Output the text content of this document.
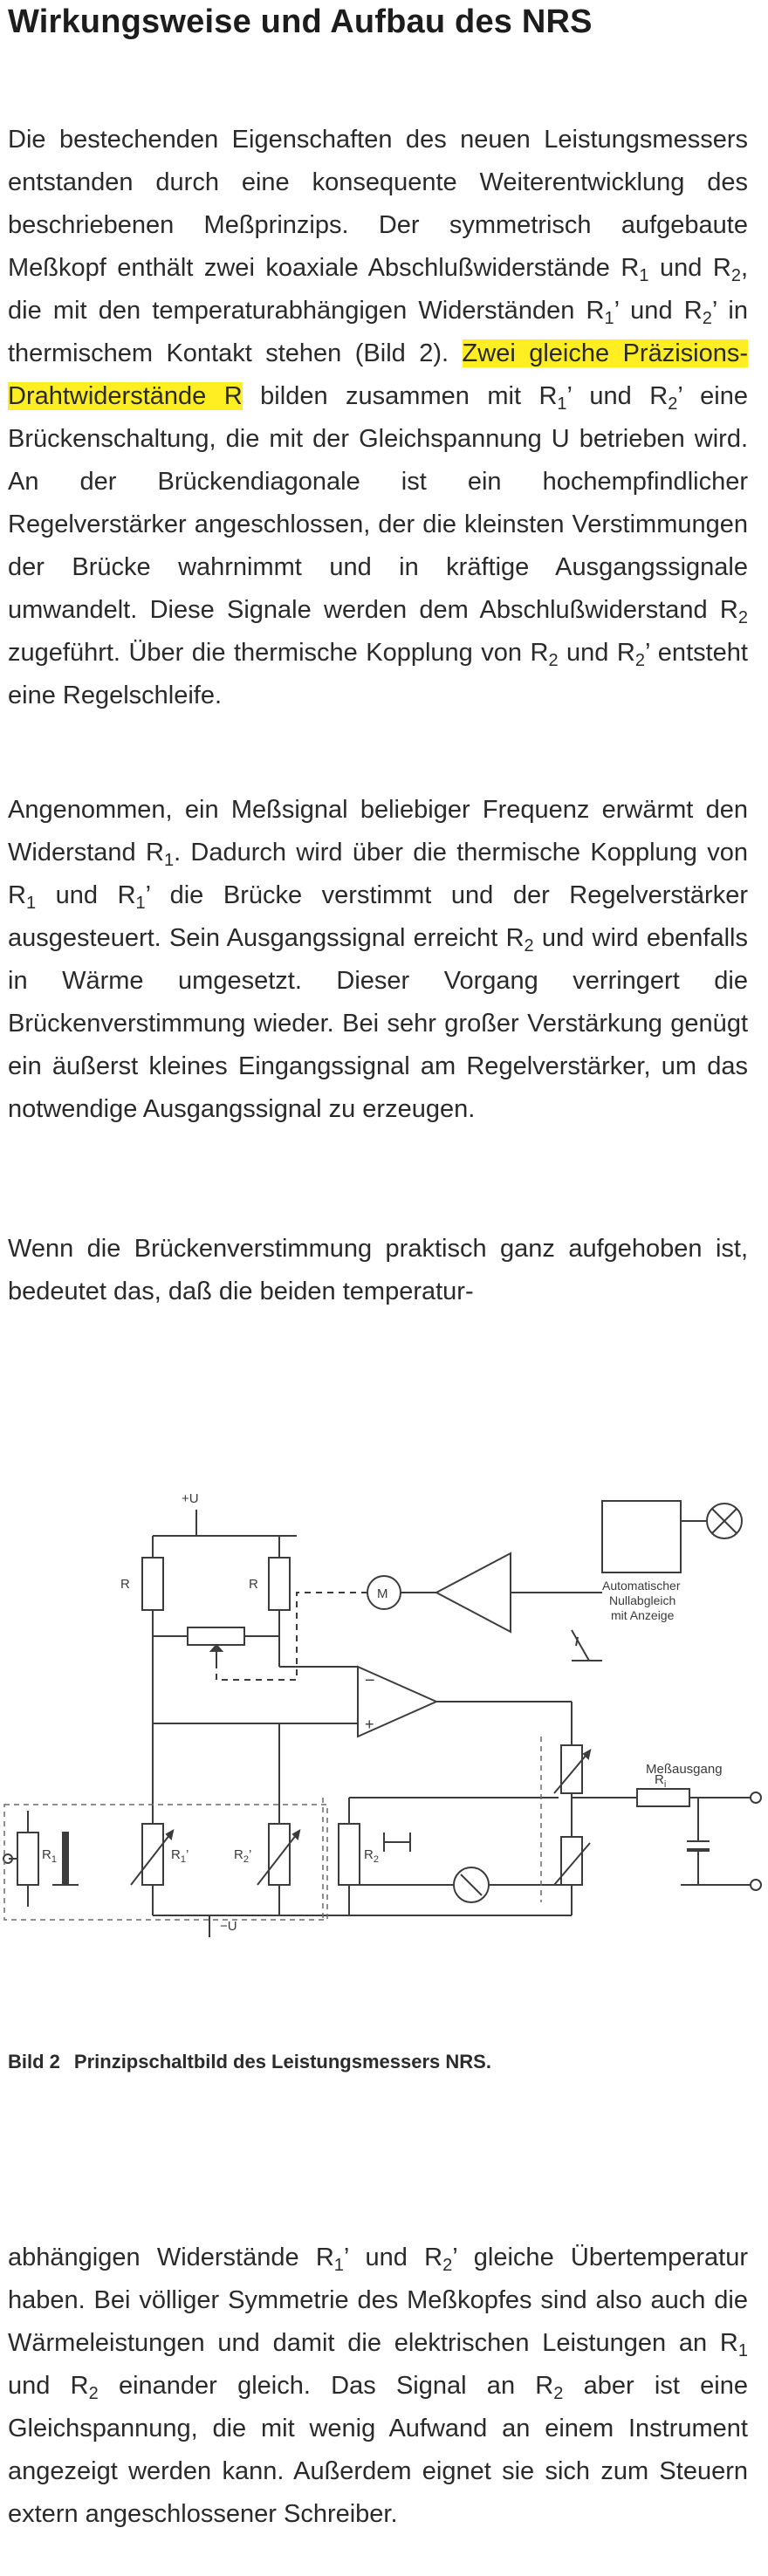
Wirkungsweise und Aufbau des NRS

Die bestechenden Eigenschaften des neuen Leistungsmessers entstanden durch eine konsequente Weiterentwicklung des beschriebenen Meßprinzips. Der symmetrisch aufgebaute Meßkopf enthält zwei koaxiale Abschlußwiderstände $R_1$ und $R_2$, die mit den temperaturabhängigen Widerständen $R_1$’ und $R_2$’ in thermischem Kontakt stehen (Bild 2). Zwei gleiche Präzisions-Drahtwiderstände R bilden zusammen mit $R_1$’ und $R_2$’ eine Brückenschaltung, die mit der Gleichspannung U betrieben wird. An der Brückendiagonale ist ein hochempfindlicher Regelverstärker angeschlossen, der die kleinsten Verstimmungen der Brücke wahrnimmt und in kräftige Ausgangssignale umwandelt. Diese Signale werden dem Abschlußwiderstand $R_2$ zugeführt. Über die thermische Kopplung von $R_2$ und $R_2$’ entsteht eine Regelschleife.

Angenommen, ein Meßsignal beliebiger Frequenz erwärmt den Widerstand $R_1$. Dadurch wird über die thermische Kopplung von $R_1$ und $R_1$’ die Brücke verstimmt und der Regelverstärker ausgesteuert. Sein Ausgangssignal erreicht $R_2$ und wird ebenfalls in Wärme umgesetzt. Dieser Vorgang verringert die Brückenverstimmung wieder. Bei sehr großer Verstärkung genügt ein äußerst kleines Eingangssignal am Regelverstärker, um das notwendige Ausgangssignal zu erzeugen.

Wenn die Brückenverstimmung praktisch ganz aufgehoben ist, bedeutet das, daß die beiden temperatur-

+U
R	R
M
Automatischer
Nullabgleich
mit Anzeige
−
+
$R_i$
Meßausgang
$R_1$	$R_1$’	$R_2$’	$R_2$
−U

Bild 2 Prinzipschaltbild des Leistungsmessers NRS.

abhängigen Widerstände $R_1$’ und $R_2$’ gleiche Übertemperatur haben. Bei völliger Symmetrie des Meßkopfes sind also auch die Wärmeleistungen und damit die elektrischen Leistungen an $R_1$ und $R_2$ einander gleich. Das Signal an $R_2$ aber ist eine Gleichspannung, die mit wenig Aufwand an einem Instrument angezeigt werden kann. Außerdem eignet sie sich zum Steuern extern angeschlossener Schreiber.
